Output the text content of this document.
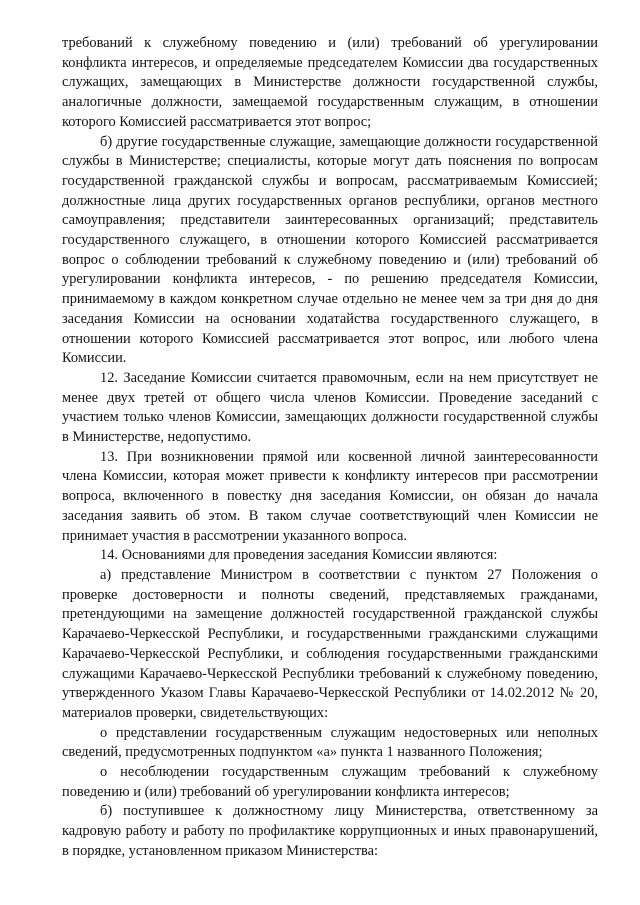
требований к служебному поведению и (или) требований об урегулировании конфликта интересов, и определяемые председателем Комиссии два государственных служащих, замещающих в Министерстве должности государственной службы, аналогичные должности, замещаемой государственным служащим, в отношении которого Комиссией рассматривается этот вопрос;

б) другие государственные служащие, замещающие должности государственной службы в Министерстве; специалисты, которые могут дать пояснения по вопросам государственной гражданской службы и вопросам, рассматриваемым Комиссией; должностные лица других государственных органов республики, органов местного самоуправления; представители заинтересованных организаций; представитель государственного служащего, в отношении которого Комиссией рассматривается вопрос о соблюдении требований к служебному поведению и (или) требований об урегулировании конфликта интересов, - по решению председателя Комиссии, принимаемому в каждом конкретном случае отдельно не менее чем за три дня до дня заседания Комиссии на основании ходатайства государственного служащего, в отношении которого Комиссией рассматривается этот вопрос, или любого члена Комиссии.

12. Заседание Комиссии считается правомочным, если на нем присутствует не менее двух третей от общего числа членов Комиссии. Проведение заседаний с участием только членов Комиссии, замещающих должности государственной службы в Министерстве, недопустимо.

13. При возникновении прямой или косвенной личной заинтересованности члена Комиссии, которая может привести к конфликту интересов при рассмотрении вопроса, включенного в повестку дня заседания Комиссии, он обязан до начала заседания заявить об этом. В таком случае соответствующий член Комиссии не принимает участия в рассмотрении указанного вопроса.

14. Основаниями для проведения заседания Комиссии являются:

а) представление Министром в соответствии с пунктом 27 Положения о проверке достоверности и полноты сведений, представляемых гражданами, претендующими на замещение должностей государственной гражданской службы Карачаево-Черкесской Республики, и государственными гражданскими служащими Карачаево-Черкесской Республики, и соблюдения государственными гражданскими служащими Карачаево-Черкесской Республики требований к служебному поведению, утвержденного Указом Главы Карачаево-Черкесской Республики от 14.02.2012 № 20, материалов проверки, свидетельствующих:

о представлении государственным служащим недостоверных или неполных сведений, предусмотренных подпунктом «а» пункта 1 названного Положения;

о несоблюдении государственным служащим требований к служебному поведению и (или) требований об урегулировании конфликта интересов;

б) поступившее к должностному лицу Министерства, ответственному за кадровую работу и работу по профилактике коррупционных и иных правонарушений, в порядке, установленном приказом Министерства:
